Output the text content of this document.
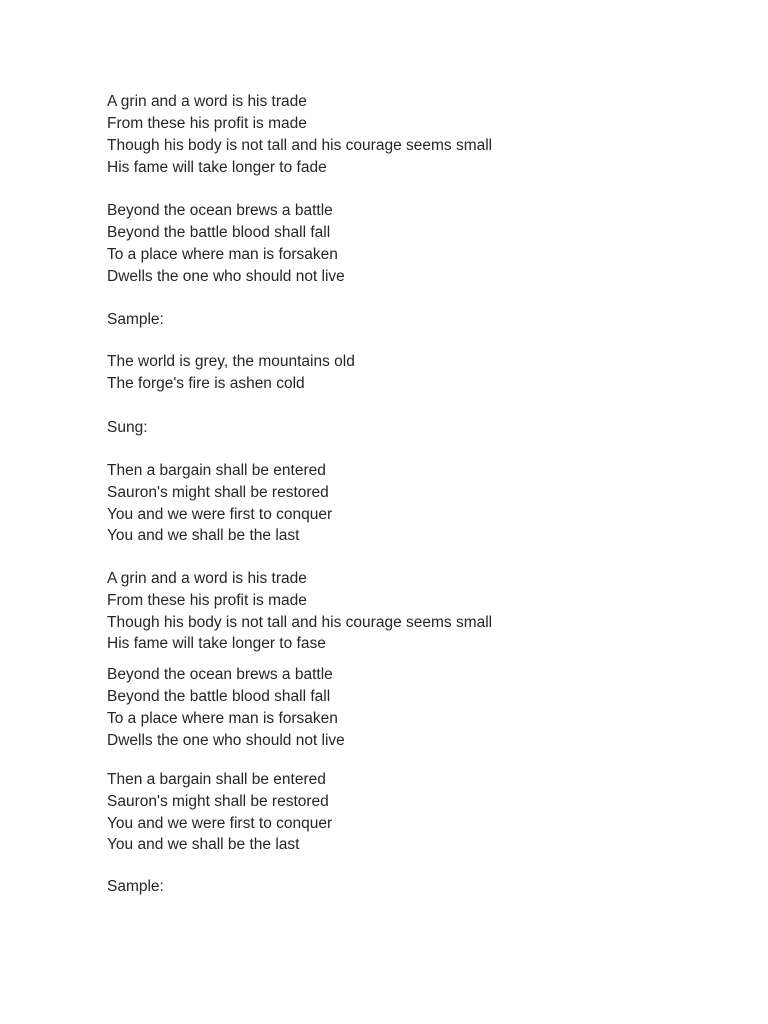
A grin and a word is his trade
From these his profit is made
Though his body is not tall and his courage seems small
His fame will take longer to fade
Beyond the ocean brews a battle
Beyond the battle blood shall fall
To a place where man is forsaken
Dwells the one who should not live
Sample:
The world is grey, the mountains old
The forge's fire is ashen cold
Sung:
Then a bargain shall be entered
Sauron's might shall be restored
You and we were first to conquer
You and we shall be the last
A grin and a word is his trade
From these his profit is made
Though his body is not tall and his courage seems small
His fame will take longer to fase
Beyond the ocean brews a battle
Beyond the battle blood shall fall
To a place where man is forsaken
Dwells the one who should not live
Then a bargain shall be entered
Sauron's might shall be restored
You and we were first to conquer
You and we shall be the last
Sample:
